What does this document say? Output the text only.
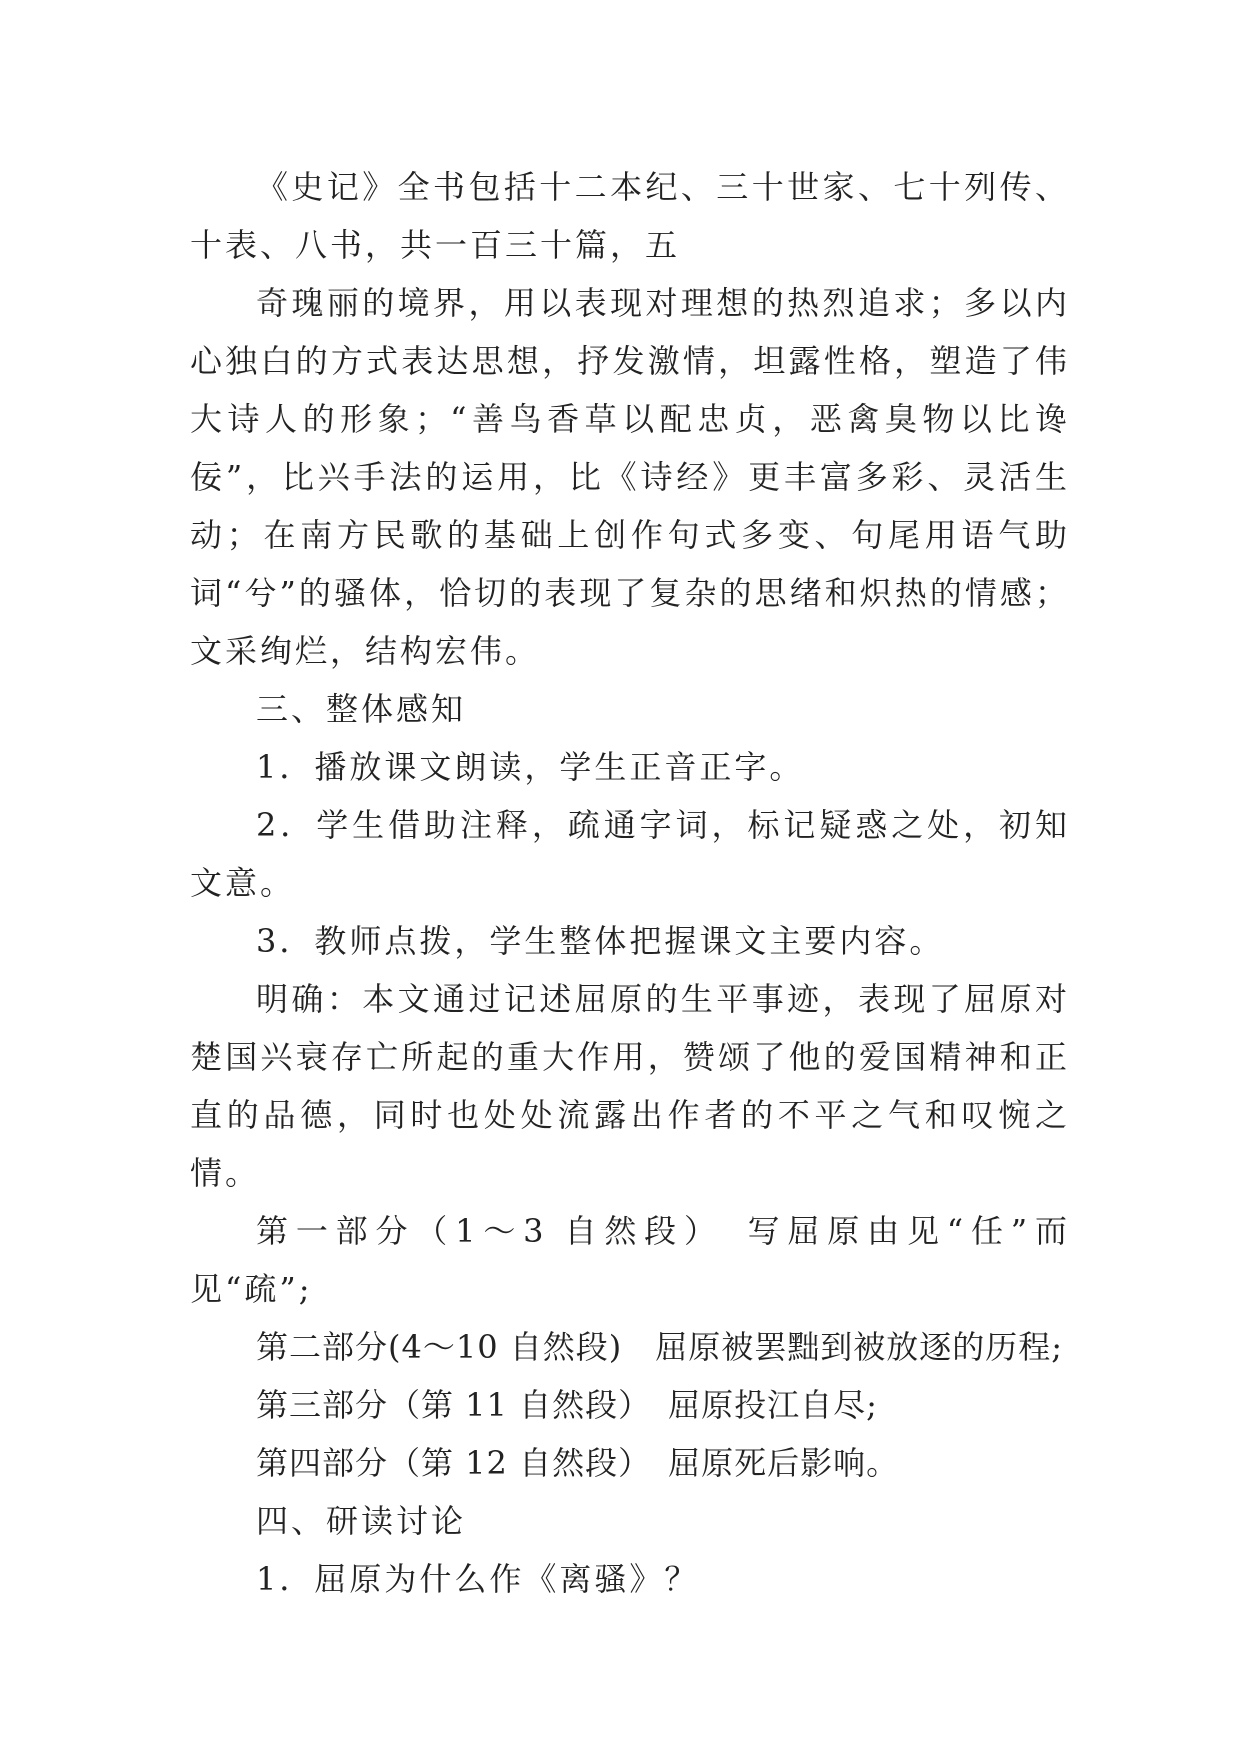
《史记》全书包括十二本纪、三十世家、七十列传、十表、八书，共一百三十篇，五

奇瑰丽的境界，用以表现对理想的热烈追求；多以内心独白的方式表达思想，抒发激情，坦露性格，塑造了伟大诗人的形象；“善鸟香草以配忠贞，恶禽臭物以比谗佞”，比兴手法的运用，比《诗经》更丰富多彩、灵活生动；在南方民歌的基础上创作句式多变、句尾用语气助词“兮”的骚体，恰切的表现了复杂的思绪和炽热的情感；文采绚烂，结构宏伟。

三、整体感知

1．播放课文朗读，学生正音正字。

2．学生借助注释，疏通字词，标记疑惑之处，初知文意。

3．教师点拨，学生整体把握课文主要内容。

明确：本文通过记述屈原的生平事迹，表现了屈原对楚国兴衰存亡所起的重大作用，赞颂了他的爱国精神和正直的品德，同时也处处流露出作者的不平之气和叹惋之情。

第一部分（1～3 自然段）　写屈原由见“任”而见“疏”;

第二部分(4～10 自然段)　屈原被罢黜到被放逐的历程;

第三部分（第 11 自然段）　屈原投江自尽;

第四部分（第 12 自然段）　屈原死后影响。

四、研读讨论

1．屈原为什么作《离骚》？
